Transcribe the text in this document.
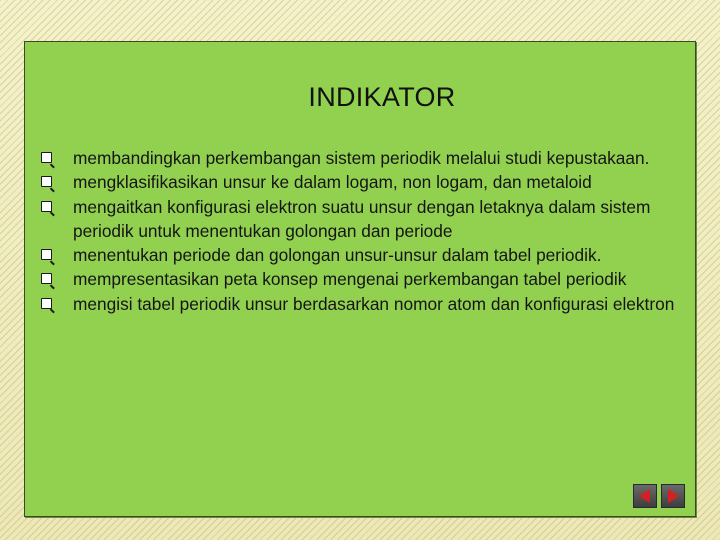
INDIKATOR
membandingkan perkembangan sistem periodik melalui studi kepustakaan.
mengklasifikasikan unsur ke dalam logam, non logam, dan metaloid
mengaitkan konfigurasi elektron suatu unsur dengan letaknya dalam sistem periodik untuk menentukan golongan dan periode
menentukan periode dan golongan unsur-unsur dalam tabel periodik.
mempresentasikan peta konsep mengenai perkembangan tabel periodik
mengisi tabel periodik unsur berdasarkan nomor atom dan konfigurasi elektron
